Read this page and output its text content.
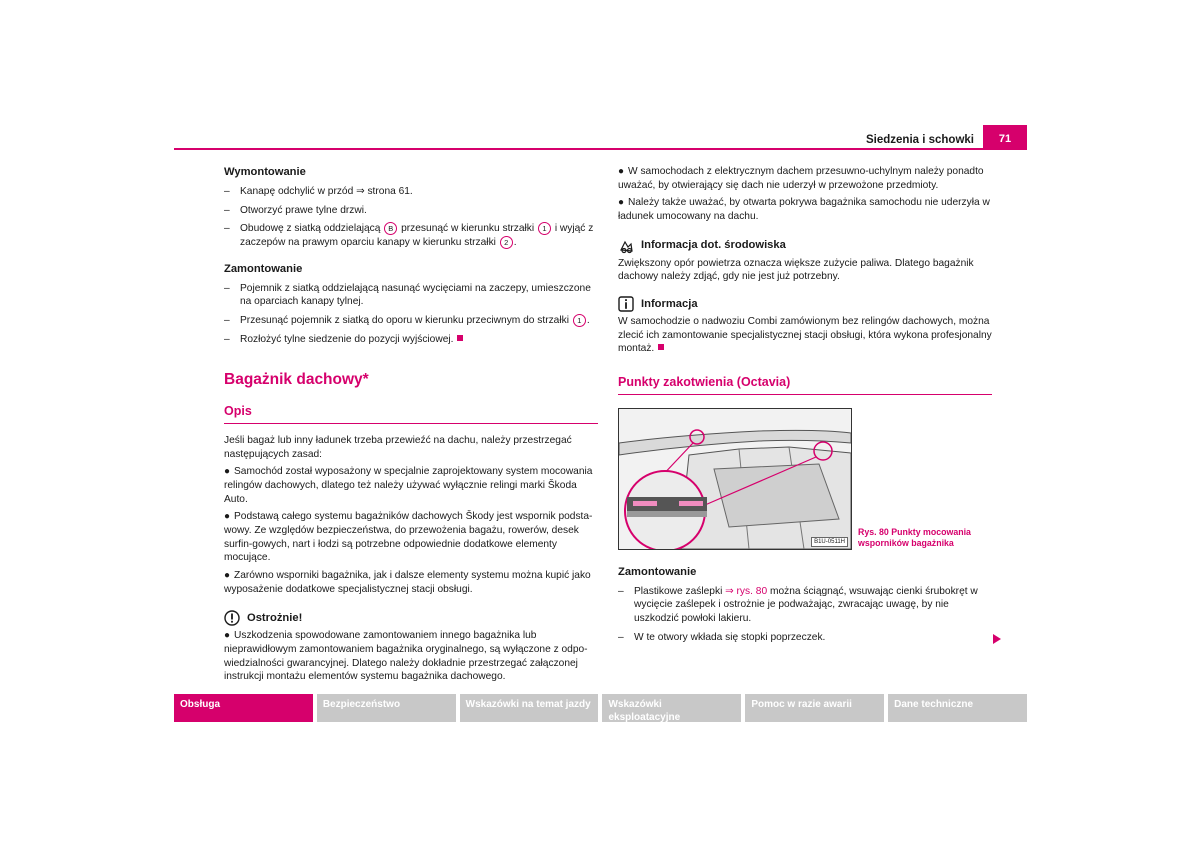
Siedzenia i schowki	71
Wymontowanie
– Kanapę odchylić w przód ⇒ strona 61.
– Otworzyć prawe tylne drzwi.
– Obudowę z siatką oddzielającą B przesunąć w kierunku strzałki 1 i wyjąć z zaczepów na prawym oparciu kanapy w kierunku strzałki 2 .
Zamontowanie
– Pojemnik z siatką oddzielającą nasunąć wycięciami na zaczepy, umieszczone na oparciach kanapy tylnej.
– Przesunąć pojemnik z siatką do oporu w kierunku przeciwnym do strzałki 1 .
– Rozłożyć tylne siedzenie do pozycji wyjściowej.
Bagażnik dachowy*
Opis
Jeśli bagaż lub inny ładunek trzeba przewieźć na dachu, należy przestrzegać następujących zasad:
● Samochód został wyposażony w specjalnie zaprojektowany system mocowania relingów dachowych, dlatego też należy używać wyłącznie relingi marki Škoda Auto.
● Podstawą całego systemu bagażników dachowych Škody jest wspornik podsta-wowy. Ze względów bezpieczeństwa, do przewożenia bagażu, rowerów, desek surfin-gowych, nart i łodzi są potrzebne odpowiednie dodatkowe elementy mocujące.
● Zarówno wsporniki bagażnika, jak i dalsze elementy systemu można kupić jako wyposażenie dodatkowe specjalistycznej stacji obsługi.
Ostrożnie!
● Uszkodzenia spowodowane zamontowaniem innego bagażnika lub nieprawidłowym zamontowaniem bagażnika oryginalnego, są wyłączone z odpo-wiedzialności gwarancyjnej. Dlatego należy dokładnie przestrzegać załączonej instrukcji montażu elementów systemu bagażnika dachowego.
● W samochodach z elektrycznym dachem przesuwno-uchylnym należy ponadto uważać, by otwierający się dach nie uderzył w przewożone przedmioty.
● Należy także uważać, by otwarta pokrywa bagażnika samochodu nie uderzyła w ładunek umocowany na dachu.
Informacja dot. środowiska
Zwiększony opór powietrza oznacza większe zużycie paliwa. Dlatego bagażnik dachowy należy zdjąć, gdy nie jest już potrzebny.
Informacja
W samochodzie o nadwoziu Combi zamówionym bez relingów dachowych, można zlecić ich zamontowanie specjalistycznej stacji obsługi, która wykona profesjonalny montaż.
Punkty zakotwienia (Octavia)
B1U-0511H
Rys. 80 Punkty mocowania
wsporników bagażnika
Zamontowanie
– Plastikowe zaślepki ⇒ rys. 80 można ściągnąć, wsuwając cienki śrubokręt w wycięcie zaślepek i ostrożnie je podważając, zwracając uwagę, by nie uszkodzić powłoki lakieru.
– W te otwory wkłada się stopki poprzeczek.
Obsługa	Bezpieczeństwo	Wskazówki na temat jazdy	Wskazówki eksploatacyjne
Pomoc w razie awarii	Dane techniczne
